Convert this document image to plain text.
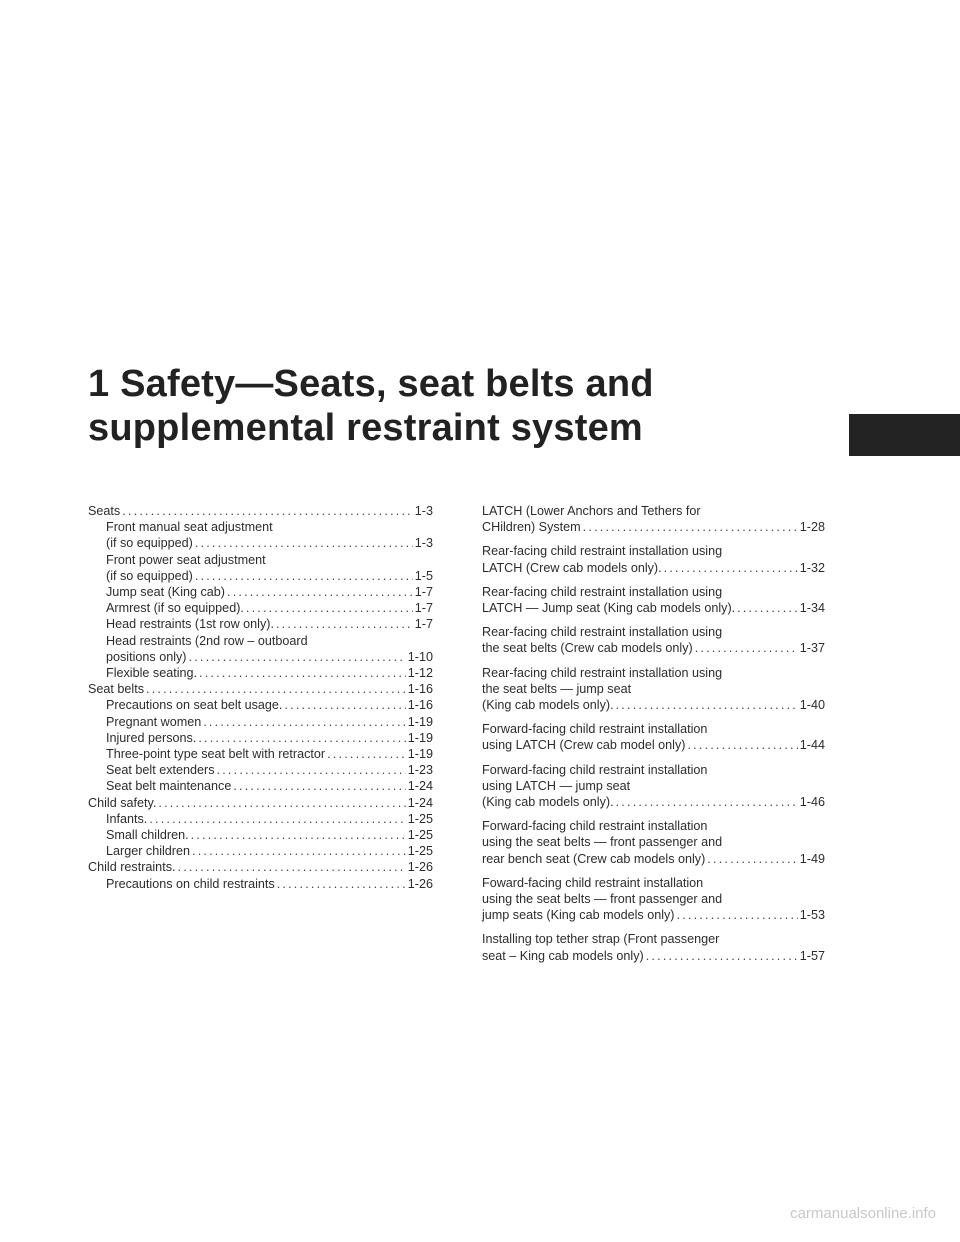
1 Safety—Seats, seat belts and
supplemental restraint system
Seats .....	1-3
Front manual seat adjustment
(if so equipped) .....	1-3
Front power seat adjustment
(if so equipped) .....	1-5
Jump seat (King cab) .....	1-7
Armrest (if so equipped). .....	1-7
Head restraints (1st row only). .....	1-7
Head restraints (2nd row – outboard
positions only) .....	1-10
Flexible seating. .....	1-12
Seat belts .....	1-16
Precautions on seat belt usage. .....	1-16
Pregnant women .....	1-19
Injured persons. .....	1-19
Three-point type seat belt with retractor .....	1-19
Seat belt extenders .....	1-23
Seat belt maintenance .....	1-24
Child safety. .....	1-24
Infants. .....	1-25
Small children. .....	1-25
Larger children .....	1-25
Child restraints. .....	1-26
Precautions on child restraints .....	1-26
LATCH (Lower Anchors and Tethers for
CHildren) System .....	1-28
Rear-facing child restraint installation using
LATCH (Crew cab models only). .....	1-32
Rear-facing child restraint installation using
LATCH — Jump seat (King cab models only). .....	1-34
Rear-facing child restraint installation using
the seat belts (Crew cab models only) .....	1-37
Rear-facing child restraint installation using
the seat belts — jump seat
(King cab models only). .....	1-40
Forward-facing child restraint installation
using LATCH (Crew cab model only) .....	1-44
Forward-facing child restraint installation
using LATCH — jump seat
(King cab models only). .....	1-46
Forward-facing child restraint installation
using the seat belts — front passenger and
rear bench seat (Crew cab models only) .....	1-49
Foward-facing child restraint installation
using the seat belts — front passenger and
jump seats (King cab models only) .....	1-53
Installing top tether strap (Front passenger
seat – King cab models only) .....	1-57
carmanualsonline.info
